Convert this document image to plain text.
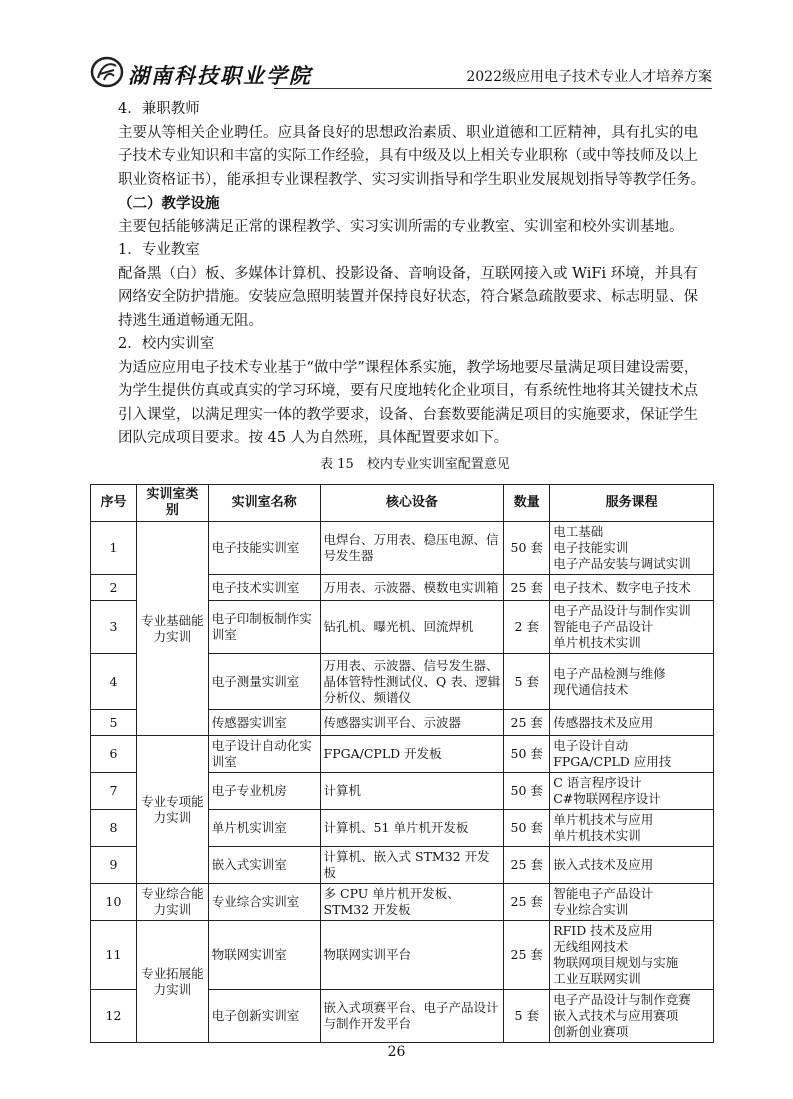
湖南科技职业学院	2022级应用电子技术专业人才培养方案

4．兼职教师

主要从等相关企业聘任。应具备良好的思想政治素质、职业道德和工匠精神，具有扎实的电子技术专业知识和丰富的实际工作经验，具有中级及以上相关专业职称（或中等技师及以上职业资格证书），能承担专业课程教学、实习实训指导和学生职业发展规划指导等教学任务。

（二）教学设施

主要包括能够满足正常的课程教学、实习实训所需的专业教室、实训室和校外实训基地。

1．专业教室

配备黑（白）板、多媒体计算机、投影设备、音响设备，互联网接入或 WiFi 环境，并具有网络安全防护措施。安装应急照明装置并保持良好状态，符合紧急疏散要求、标志明显、保持逃生通道畅通无阻。

2．校内实训室

为适应应用电子技术专业基于“做中学”课程体系实施，教学场地要尽量满足项目建设需要，为学生提供仿真或真实的学习环境，要有尺度地转化企业项目，有系统性地将其关键技术点引入课堂，以满足理实一体的教学要求，设备、台套数要能满足项目的实施要求，保证学生团队完成项目要求。按 45 人为自然班，具体配置要求如下。

表 15　校内专业实训室配置意见

序号	实训室类别	实训室名称	核心设备	数量	服务课程
1	专业基础能力实训	电子技能实训室	电焊台、万用表、稳压电源、信号发生器	50 套	电工基础
电子技能实训
电子产品安装与调试实训

2		电子技术实训室	万用表、示波器、模数电实训箱	25 套	电子技术、数字电子技术

3		电子印制板制作实训室	钻孔机、曝光机、回流焊机	2 套	电子产品设计与制作实训
智能电子产品设计
单片机技术实训

4		电子测量实训室	万用表、示波器、信号发生器、晶体管特性测试仪、Q 表、逻辑分析仪、频谱仪	5 套	电子产品检测与维修
现代通信技术

5		传感器实训室	传感器实训平台、示波器	25 套	传感器技术及应用

6	专业专项能力实训	电子设计自动化实训室	FPGA/CPLD 开发板	50 套	电子设计自动
FPGA/CPLD 应用技

7		电子专业机房	计算机	50 套	C 语言程序设计
C#物联网程序设计

8		单片机实训室	计算机、51 单片机开发板	50 套	单片机技术与应用
单片机技术实训

9		嵌入式实训室	计算机、嵌入式 STM32 开发板	25 套	嵌入式技术及应用

10	专业综合能力实训	专业综合实训室	多 CPU 单片机开发板、STM32 开发板	25 套	智能电子产品设计
专业综合实训

11	专业拓展能力实训	物联网实训室	物联网实训平台	25 套	RFID 技术及应用
无线组网技术
物联网项目规划与实施
工业互联网实训

12		电子创新实训室	嵌入式项赛平台、电子产品设计与制作开发平台	5 套	电子产品设计与制作竞赛
嵌入式技术与应用赛项
创新创业赛项
26
